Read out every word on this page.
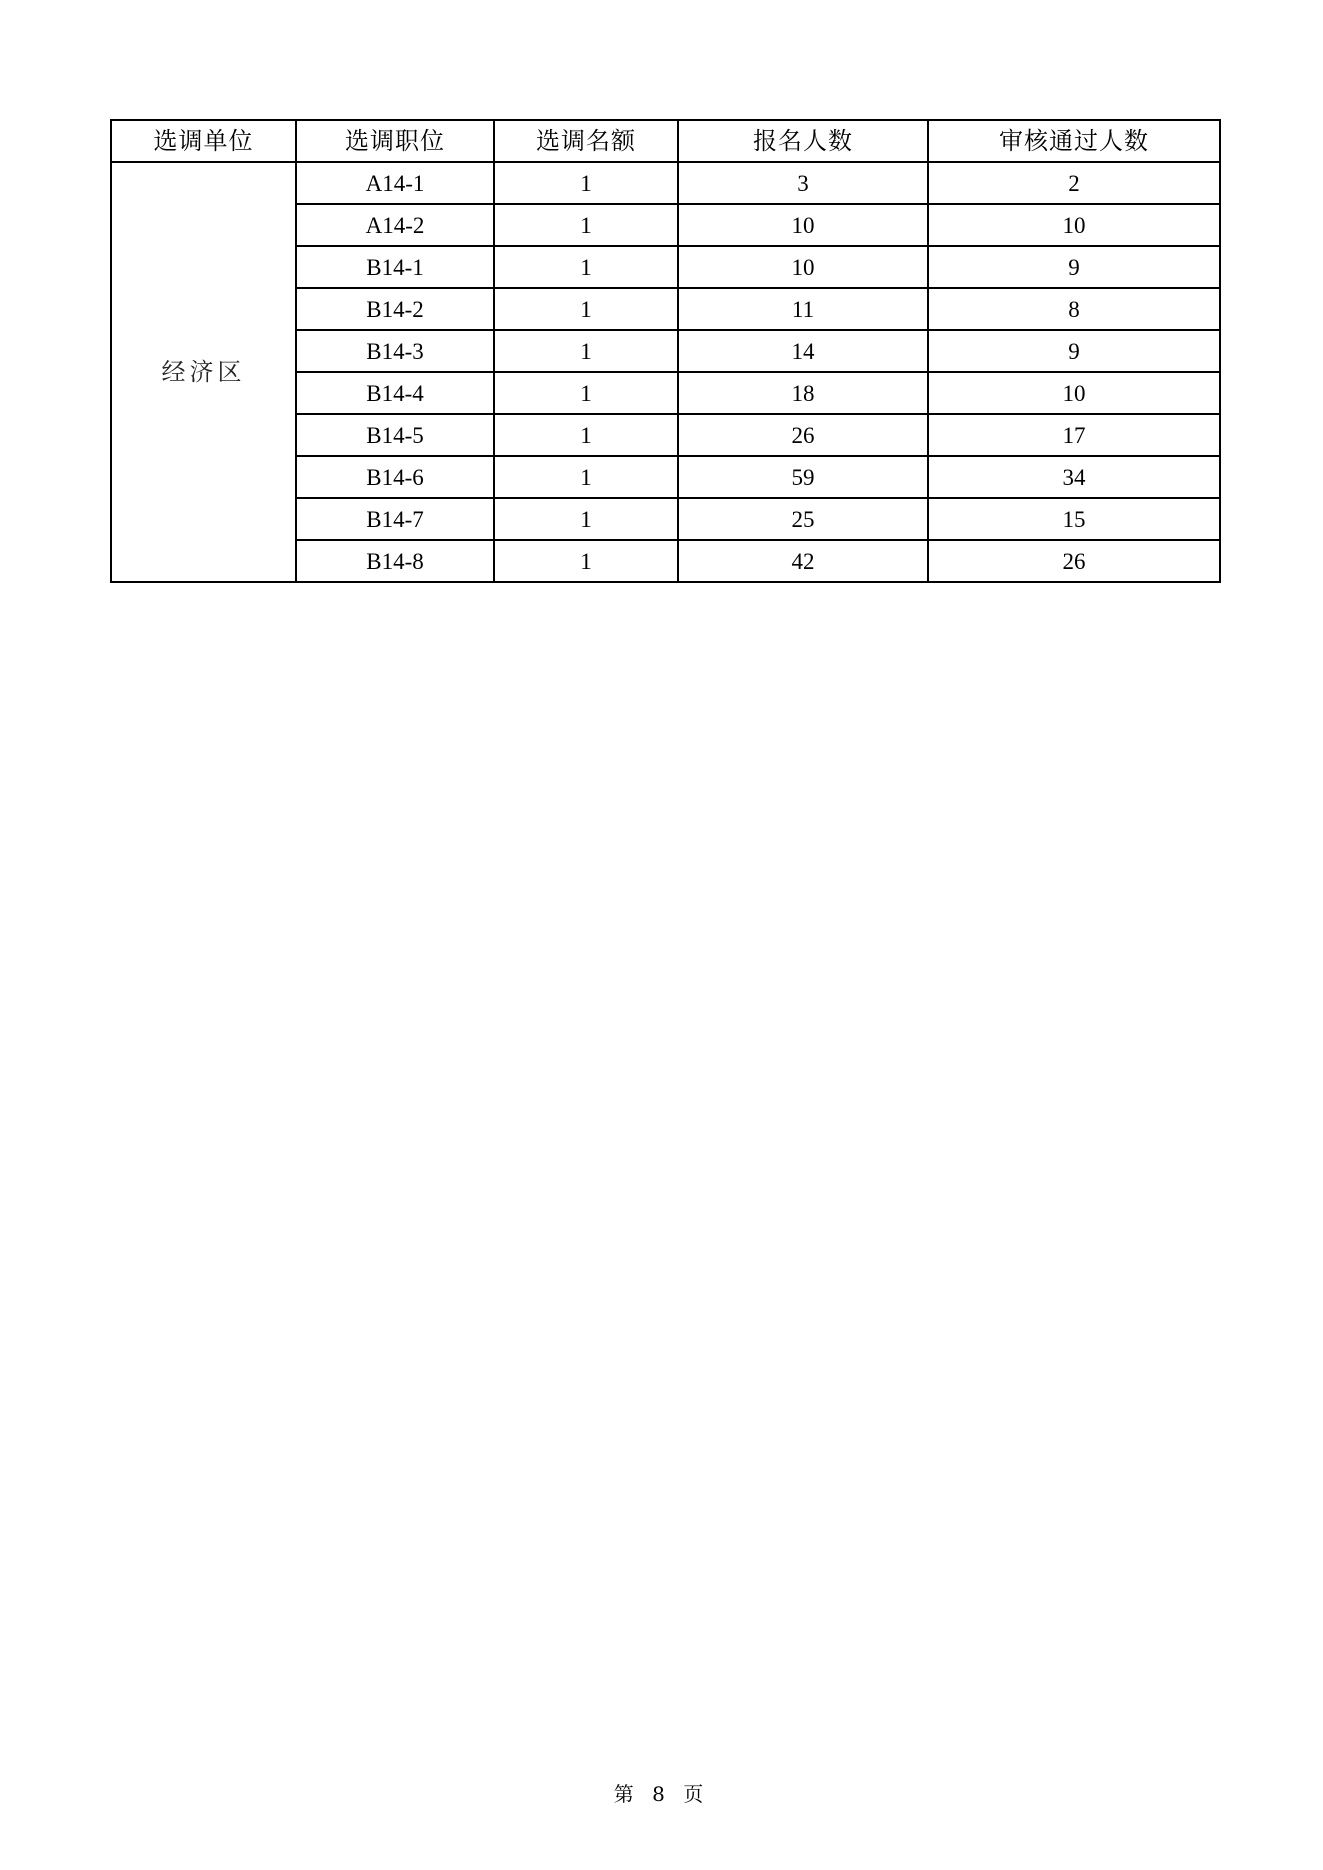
选调单位	选调职位	选调名额	报名人数	审核通过人数
经济区	A14-1	1	3	2
	A14-2	1	10	10
	B14-1	1	10	9
	B14-2	1	11	8
	B14-3	1	14	9
	B14-4	1	18	10
	B14-5	1	26	17
	B14-6	1	59	34
	B14-7	1	25	15
	B14-8	1	42	26
第 8 页
